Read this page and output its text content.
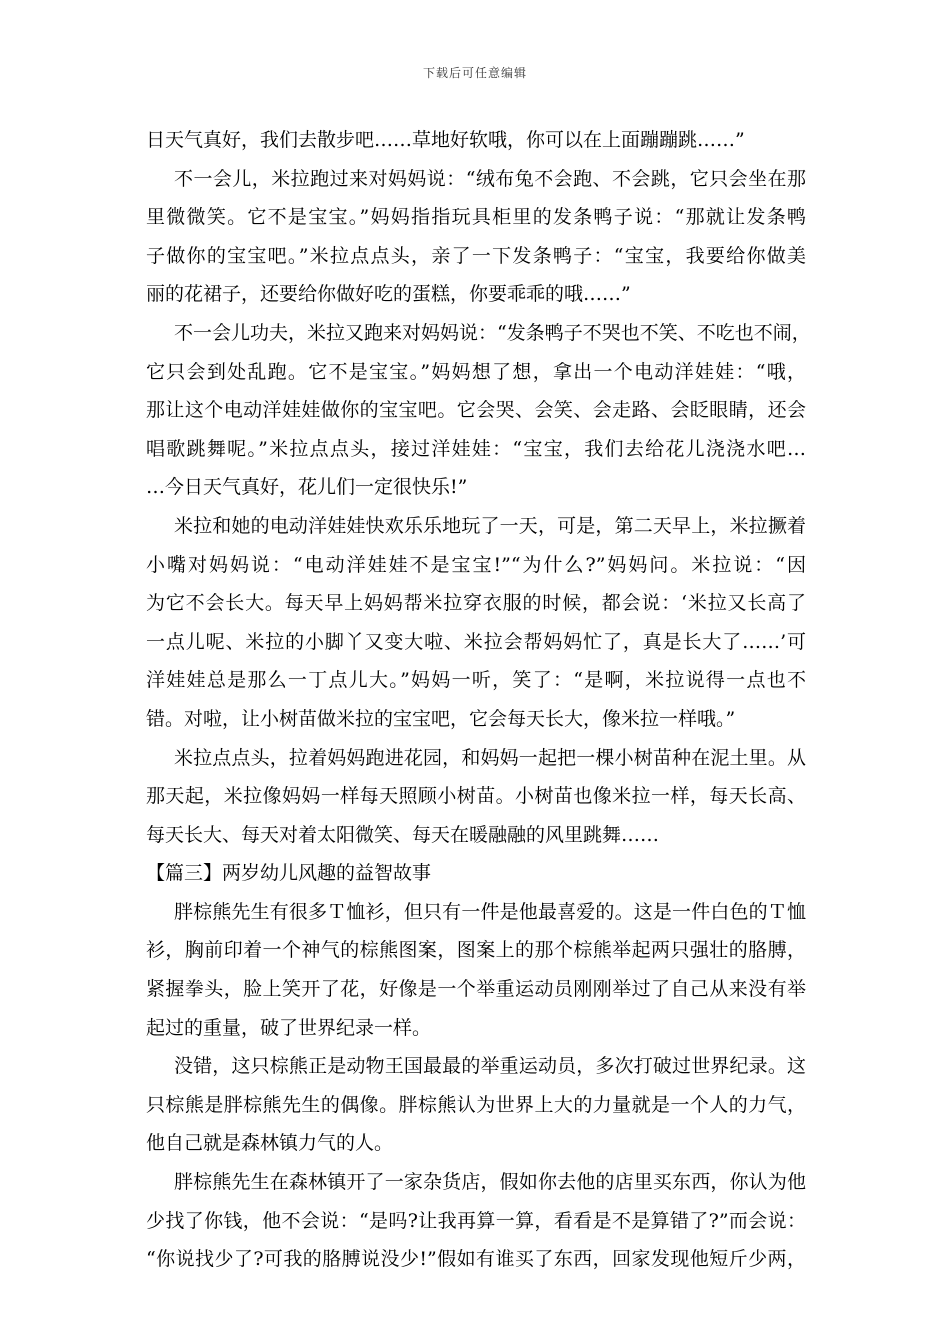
下载后可任意编辑
日天气真好，我们去散步吧……草地好软哦，你可以在上面蹦蹦跳……”
不一会儿，米拉跑过来对妈妈说：“绒布兔不会跑、不会跳，它只会坐在那
里微微笑。它不是宝宝。”妈妈指指玩具柜里的发条鸭子说：“那就让发条鸭
子做你的宝宝吧。”米拉点点头，亲了一下发条鸭子：“宝宝，我要给你做美
丽的花裙子，还要给你做好吃的蛋糕，你要乖乖的哦……”
不一会儿功夫，米拉又跑来对妈妈说：“发条鸭子不哭也不笑、不吃也不闹，
它只会到处乱跑。它不是宝宝。”妈妈想了想，拿出一个电动洋娃娃：“哦，
那让这个电动洋娃娃做你的宝宝吧。它会哭、会笑、会走路、会眨眼睛，还会
唱歌跳舞呢。”米拉点点头，接过洋娃娃：“宝宝，我们去给花儿浇浇水吧…
…今日天气真好，花儿们一定很快乐!”
米拉和她的电动洋娃娃快欢乐乐地玩了一天，可是，第二天早上，米拉撅着
小嘴对妈妈说：“电动洋娃娃不是宝宝!”“为什么?”妈妈问。米拉说：“因
为它不会长大。每天早上妈妈帮米拉穿衣服的时候，都会说：‘米拉又长高了
一点儿呢、米拉的小脚丫又变大啦、米拉会帮妈妈忙了，真是长大了……’可
洋娃娃总是那么一丁点儿大。”妈妈一听，笑了：“是啊，米拉说得一点也不
错。对啦，让小树苗做米拉的宝宝吧，它会每天长大，像米拉一样哦。”
米拉点点头，拉着妈妈跑进花园，和妈妈一起把一棵小树苗种在泥土里。从
那天起，米拉像妈妈一样每天照顾小树苗。小树苗也像米拉一样，每天长高、
每天长大、每天对着太阳微笑、每天在暖融融的风里跳舞……
【篇三】两岁幼儿风趣的益智故事
胖棕熊先生有很多Ｔ恤衫，但只有一件是他最喜爱的。这是一件白色的Ｔ恤
衫，胸前印着一个神气的棕熊图案，图案上的那个棕熊举起两只强壮的胳膊，
紧握拳头，脸上笑开了花，好像是一个举重运动员刚刚举过了自己从来没有举
起过的重量，破了世界纪录一样。
没错，这只棕熊正是动物王国最最的举重运动员，多次打破过世界纪录。这
只棕熊是胖棕熊先生的偶像。胖棕熊认为世界上大的力量就是一个人的力气，
他自己就是森林镇力气的人。
胖棕熊先生在森林镇开了一家杂货店，假如你去他的店里买东西，你认为他
少找了你钱，他不会说：“是吗?让我再算一算，看看是不是算错了?”而会说：
“你说找少了?可我的胳膊说没少!”假如有谁买了东西，回家发现他短斤少两，
